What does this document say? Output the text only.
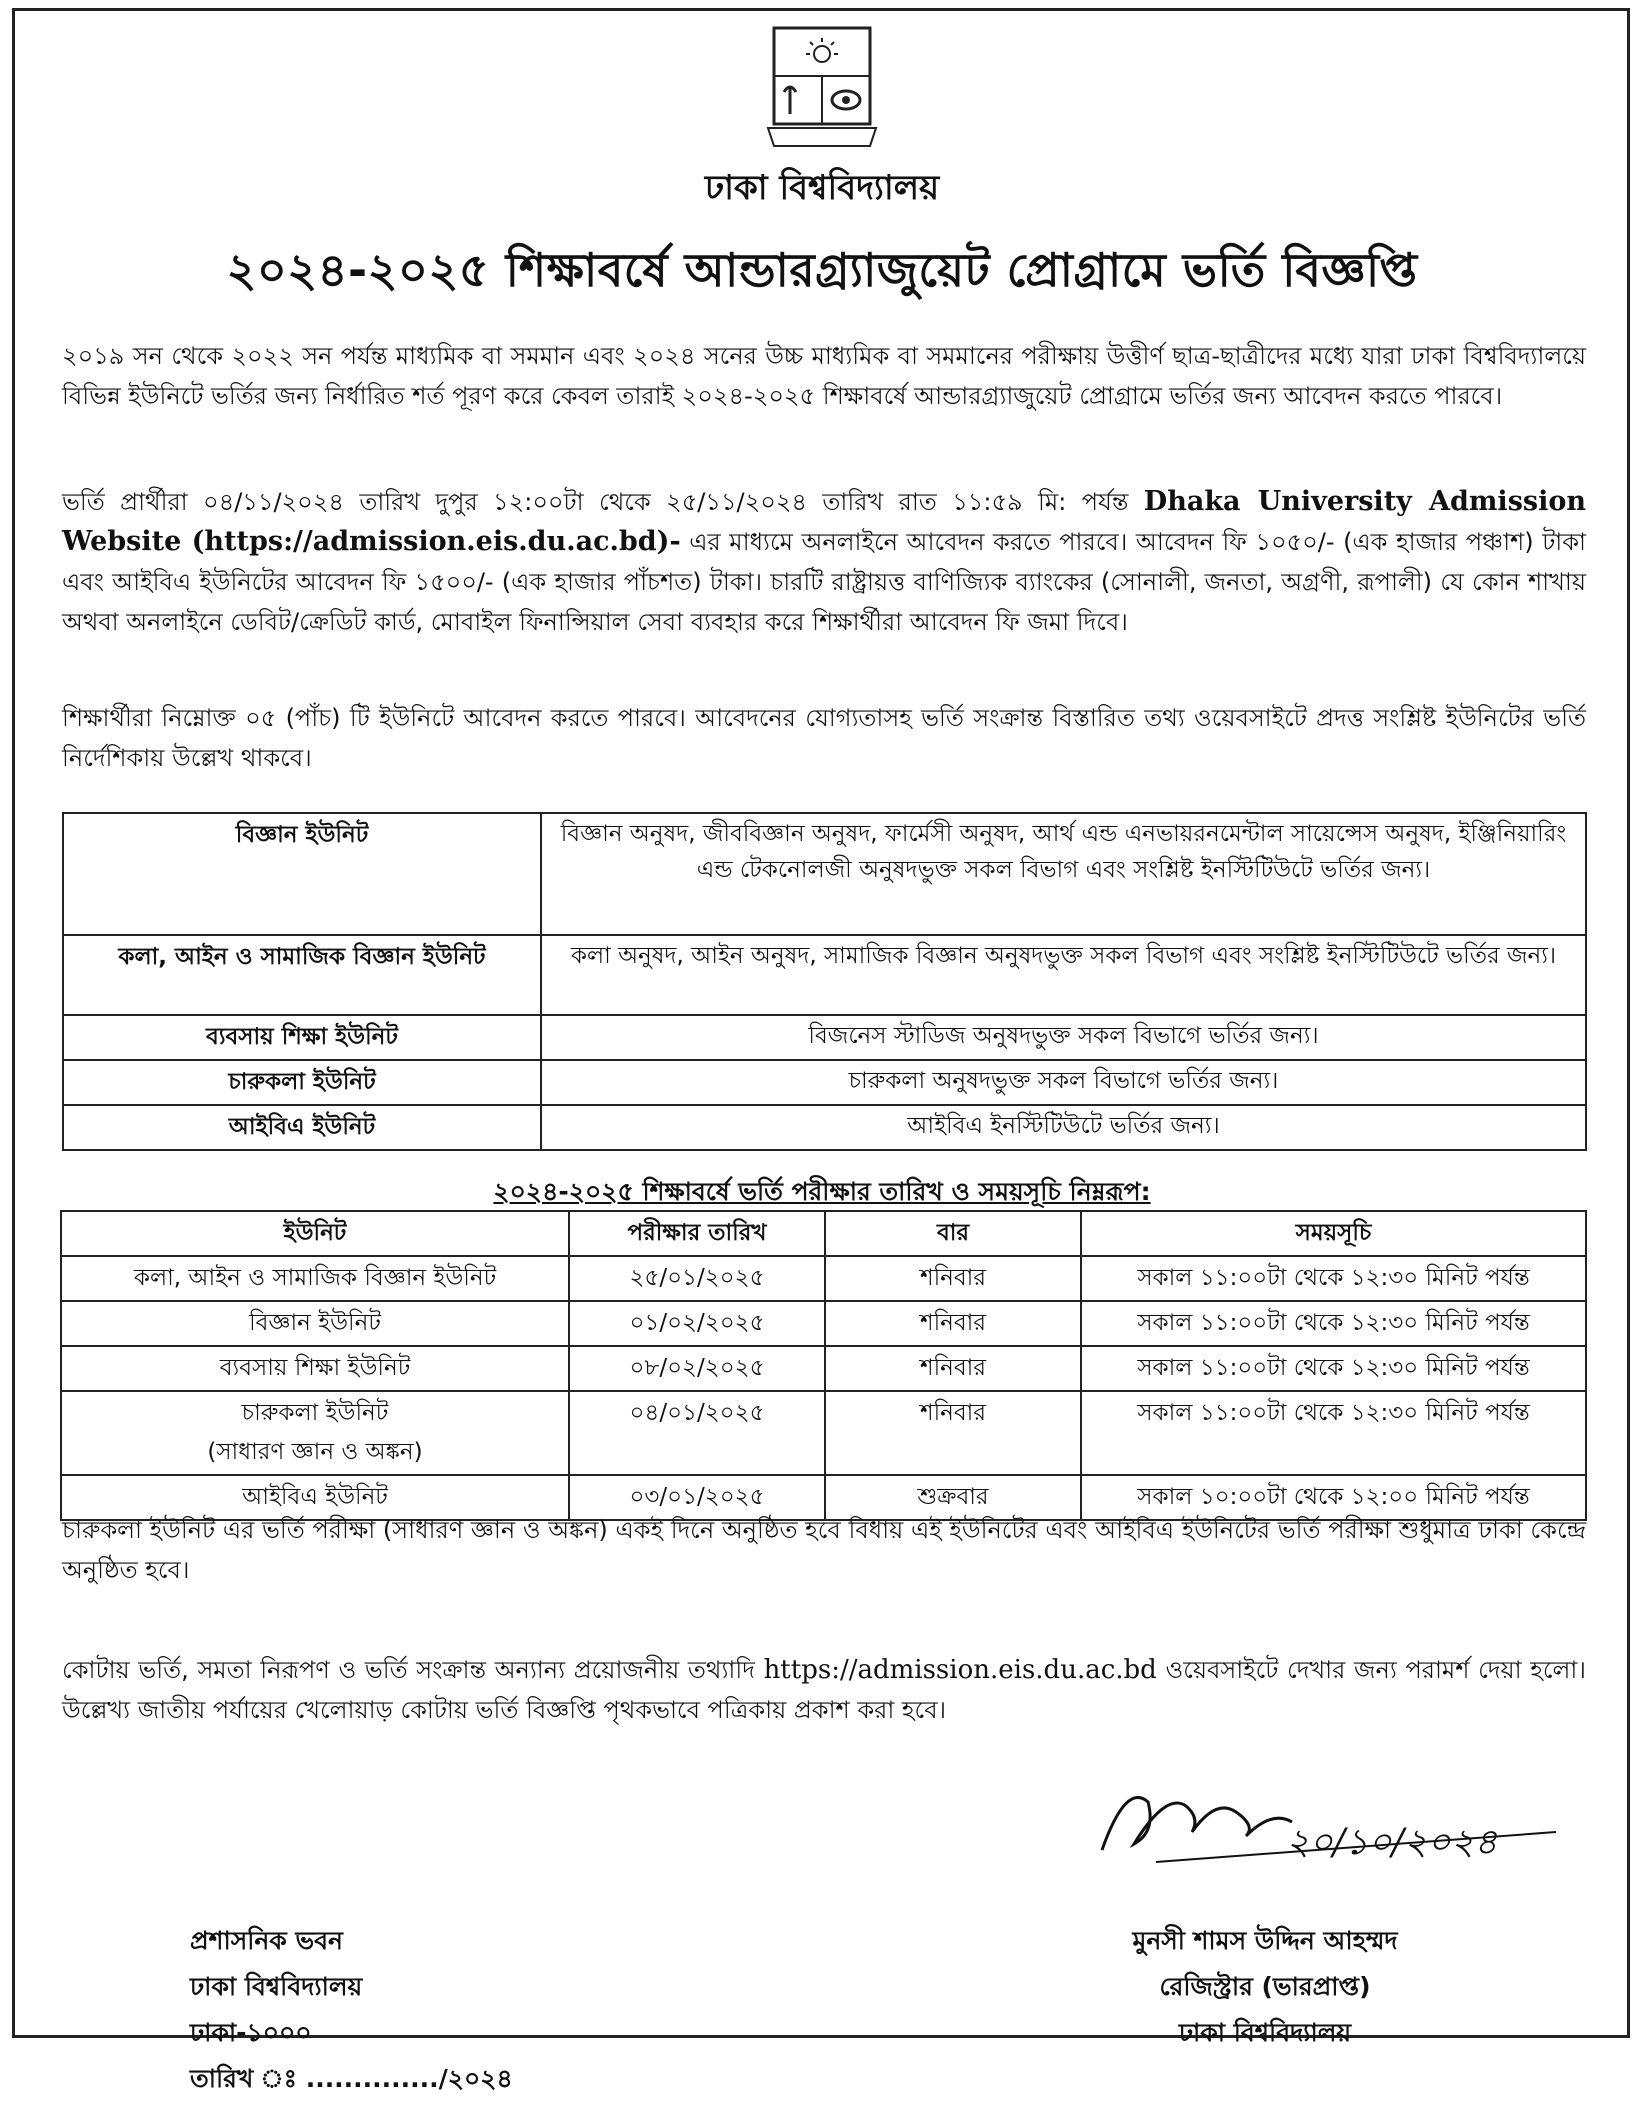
ঢাকা বিশ্ববিদ্যালয়
২০২৪-২০২৫ শিক্ষাবর্ষে আন্ডারগ্র্যাজুয়েট প্রোগ্রামে ভর্তি বিজ্ঞপ্তি
২০১৯ সন থেকে ২০২২ সন পর্যন্ত মাধ্যমিক বা সমমান এবং ২০২৪ সনের উচ্চ মাধ্যমিক বা সমমানের পরীক্ষায় উত্তীর্ণ ছাত্র-ছাত্রীদের মধ্যে যারা ঢাকা বিশ্ববিদ্যালয়ে বিভিন্ন ইউনিটে ভর্তির জন্য নির্ধারিত শর্ত পূরণ করে কেবল তারাই ২০২৪-২০২৫ শিক্ষাবর্ষে আন্ডারগ্র্যাজুয়েট প্রোগ্রামে ভর্তির জন্য আবেদন করতে পারবে।
ভর্তি প্রার্থীরা ০৪/১১/২০২৪ তারিখ দুপুর ১২:০০টা থেকে ২৫/১১/২০২৪ তারিখ রাত ১১:৫৯ মি: পর্যন্ত Dhaka University Admission Website (https://admission.eis.du.ac.bd)- এর মাধ্যমে অনলাইনে আবেদন করতে পারবে। আবেদন ফি ১০৫০/- (এক হাজার পঞ্চাশ) টাকা এবং আইবিএ ইউনিটের আবেদন ফি ১৫০০/- (এক হাজার পাঁচশত) টাকা। চারটি রাষ্ট্রায়ত্ত বাণিজ্যিক ব্যাংকের (সোনালী, জনতা, অগ্রণী, রূপালী) যে কোন শাখায় অথবা অনলাইনে ডেবিট/ক্রেডিট কার্ড, মোবাইল ফিনান্সিয়াল সেবা ব্যবহার করে শিক্ষার্থীরা আবেদন ফি জমা দিবে।
শিক্ষার্থীরা নিম্নোক্ত ০৫ (পাঁচ) টি ইউনিটে আবেদন করতে পারবে। আবেদনের যোগ্যতাসহ ভর্তি সংক্রান্ত বিস্তারিত তথ্য ওয়েবসাইটে প্রদত্ত সংশ্লিষ্ট ইউনিটের ভর্তি নির্দেশিকায় উল্লেখ থাকবে।
বিজ্ঞান ইউনিট	বিজ্ঞান অনুষদ, জীববিজ্ঞান অনুষদ, ফার্মেসী অনুষদ, আর্থ এন্ড এনভায়রনমেন্টাল সায়েন্সেস অনুষদ, ইঞ্জিনিয়ারিং এন্ড টেকনোলজী অনুষদভুক্ত সকল বিভাগ এবং সংশ্লিষ্ট ইনস্টিটিউটে ভর্তির জন্য।
কলা, আইন ও সামাজিক বিজ্ঞান ইউনিট	কলা অনুষদ, আইন অনুষদ, সামাজিক বিজ্ঞান অনুষদভুক্ত সকল বিভাগ এবং সংশ্লিষ্ট ইনস্টিটিউটে ভর্তির জন্য।
ব্যবসায় শিক্ষা ইউনিট	বিজনেস স্টাডিজ অনুষদভুক্ত সকল বিভাগে ভর্তির জন্য।
চারুকলা ইউনিট	চারুকলা অনুষদভুক্ত সকল বিভাগে ভর্তির জন্য।
আইবিএ ইউনিট	আইবিএ ইনস্টিটিউটে ভর্তির জন্য।
২০২৪-২০২৫ শিক্ষাবর্ষে ভর্তি পরীক্ষার তারিখ ও সময়সূচি নিম্নরূপ:
ইউনিট	পরীক্ষার তারিখ	বার	সময়সূচি
কলা, আইন ও সামাজিক বিজ্ঞান ইউনিট	২৫/০১/২০২৫	শনিবার	সকাল ১১:০০টা থেকে ১২:৩০ মিনিট পর্যন্ত
বিজ্ঞান ইউনিট	০১/০২/২০২৫	শনিবার	সকাল ১১:০০টা থেকে ১২:৩০ মিনিট পর্যন্ত
ব্যবসায় শিক্ষা ইউনিট	০৮/০২/২০২৫	শনিবার	সকাল ১১:০০টা থেকে ১২:৩০ মিনিট পর্যন্ত

চারুকলা ইউনিট
(সাধারণ জ্ঞান ও অঙ্কন)	০৪/০১/২০২৫	শনিবার	সকাল ১১:০০টা থেকে ১২:৩০ মিনিট পর্যন্ত
আইবিএ ইউনিট	০৩/০১/২০২৫	শুক্রবার	সকাল ১০:০০টা থেকে ১২:০০ মিনিট পর্যন্ত
চারুকলা ইউনিট এর ভর্তি পরীক্ষা (সাধারণ জ্ঞান ও অঙ্কন) একই দিনে অনুষ্ঠিত হবে বিধায় এই ইউনিটের এবং আইবিএ ইউনিটের ভর্তি পরীক্ষা শুধুমাত্র ঢাকা কেন্দ্রে অনুষ্ঠিত হবে।
কোটায় ভর্তি, সমতা নিরূপণ ও ভর্তি সংক্রান্ত অন্যান্য প্রয়োজনীয় তথ্যাদি https://admission.eis.du.ac.bd ওয়েবসাইটে দেখার জন্য পরামর্শ দেয়া হলো। উল্লেখ্য জাতীয় পর্যায়ের খেলোয়াড় কোটায় ভর্তি বিজ্ঞপ্তি পৃথকভাবে পত্রিকায় প্রকাশ করা হবে।
২০/১০/২০২৪
প্রশাসনিক ভবন
ঢাকা বিশ্ববিদ্যালয়
ঢাকা-১০০০
তারিখ ঃ ............../২০২৪
মুনসী শামস উদ্দিন আহম্মদ
রেজিস্ট্রার (ভারপ্রাপ্ত)
ঢাকা বিশ্ববিদ্যালয়
